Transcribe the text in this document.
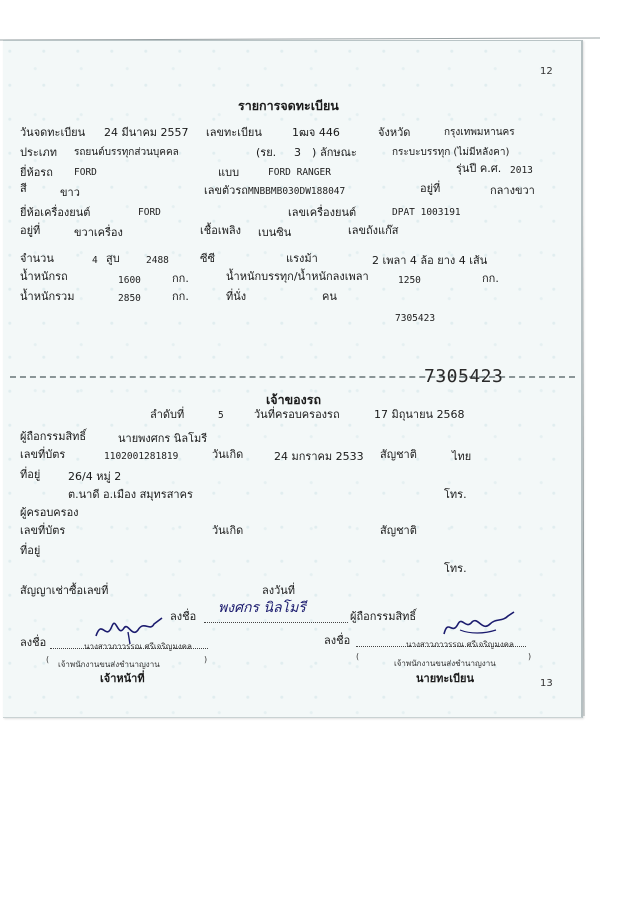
12
รายการจดทะเบียน
วันจดทะเบียน 24 มีนาคม 2557 เลขทะเบียน	1ฒจ 446	จังหวัด	กรุงเทพมหานคร
ประเภท รถยนต์บรรทุกส่วนบุคคล	(รย. 3 ) ลักษณะ	กระบะบรรทุก (ไม่มีหลังคา)
ยี่ห้อรถ FORD	แบบ	FORD RANGER	รุ่นปี ค.ศ. 2013
สี	ขาว	เลขตัวรถ MNBBMB030DW188047	อยู่ที่	กลางขวา
ยี่ห้อเครื่องยนต์	FORD	เลขเครื่องยนต์	DPAT 1003191
อยู่ที่	ขวาเครื่อง	เชื้อเพลิง เบนซิน	เลขถังแก๊ส
จำนวน	4 สูบ	2488	ซีซี	แรงม้า	2 เพลา 4 ล้อ ยาง 4 เส้น
น้ำหนักรถ	1600	กก.	น้ำหนักบรรทุก/น้ำหนักลงเพลา	1250	กก.
น้ำหนักรวม	2850	กก.	ที่นั่ง	คน
7305423
7305423
เจ้าของรถ
ลำดับที่	5	วันที่ครอบครองรถ	17 มิถุนายน 2568
ผู้ถือกรรมสิทธิ์	นายพงศกร นิลโมรี
เลขที่บัตร	1102001281819	วันเกิด	24 มกราคม 2533 สัญชาติ	ไทย
ที่อยู่	26/4 หมู่ 2
ต.นาดี อ.เมือง สมุทรสาคร	โทร.
ผู้ครอบครอง
เลขที่บัตร	วันเกิด	สัญชาติ
ที่อยู่
โทร.
สัญญาเช่าซื้อเลขที่	ลงวันที่
ลงชื่อ
พงศกร นิลโมรี
ผู้ถือกรรมสิทธิ์
ลงชื่อ	นางสาวภาวรรณ ศรีเจริญมงคล
(
เจ้าพนักงานขนส่งชำนาญงาน
)
เจ้าหน้าที่
ลงชื่อ	นางสาวภาวรรณ ศรีเจริญมงคล
(
เจ้าพนักงานขนส่งชำนาญงาน
)
นายทะเบียน	13
